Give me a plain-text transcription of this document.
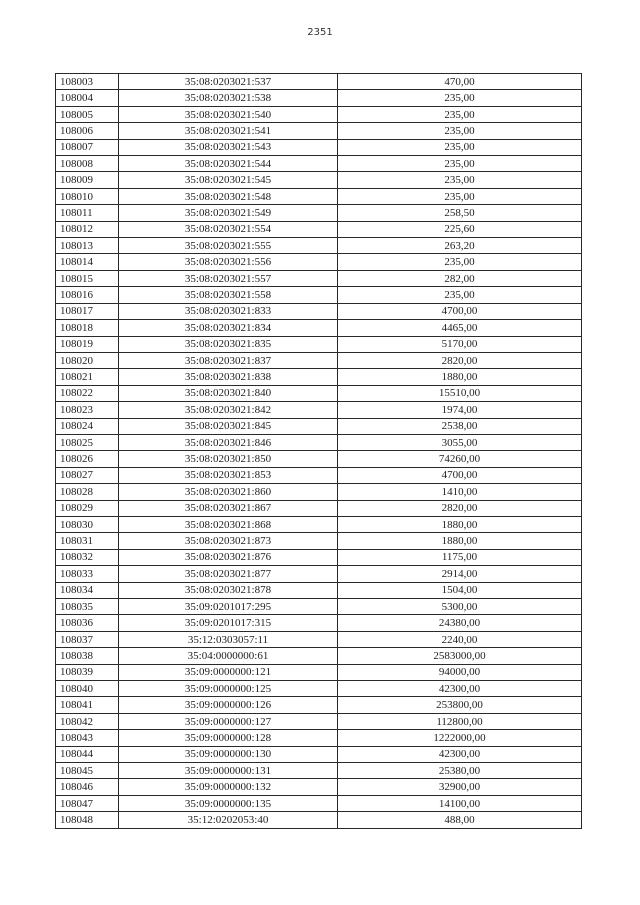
2351
108003	35:08:0203021:537	470,00
108004	35:08:0203021:538	235,00
108005	35:08:0203021:540	235,00
108006	35:08:0203021:541	235,00
108007	35:08:0203021:543	235,00
108008	35:08:0203021:544	235,00
108009	35:08:0203021:545	235,00
108010	35:08:0203021:548	235,00
108011	35:08:0203021:549	258,50
108012	35:08:0203021:554	225,60
108013	35:08:0203021:555	263,20
108014	35:08:0203021:556	235,00
108015	35:08:0203021:557	282,00
108016	35:08:0203021:558	235,00
108017	35:08:0203021:833	4700,00
108018	35:08:0203021:834	4465,00
108019	35:08:0203021:835	5170,00
108020	35:08:0203021:837	2820,00
108021	35:08:0203021:838	1880,00
108022	35:08:0203021:840	15510,00
108023	35:08:0203021:842	1974,00
108024	35:08:0203021:845	2538,00
108025	35:08:0203021:846	3055,00
108026	35:08:0203021:850	74260,00
108027	35:08:0203021:853	4700,00
108028	35:08:0203021:860	1410,00
108029	35:08:0203021:867	2820,00
108030	35:08:0203021:868	1880,00
108031	35:08:0203021:873	1880,00
108032	35:08:0203021:876	1175,00
108033	35:08:0203021:877	2914,00
108034	35:08:0203021:878	1504,00
108035	35:09:0201017:295	5300,00
108036	35:09:0201017:315	24380,00
108037	35:12:0303057:11	2240,00
108038	35:04:0000000:61	2583000,00
108039	35:09:0000000:121	94000,00
108040	35:09:0000000:125	42300,00
108041	35:09:0000000:126	253800,00
108042	35:09:0000000:127	112800,00
108043	35:09:0000000:128	1222000,00
108044	35:09:0000000:130	42300,00
108045	35:09:0000000:131	25380,00
108046	35:09:0000000:132	32900,00
108047	35:09:0000000:135	14100,00
108048	35:12:0202053:40	488,00
